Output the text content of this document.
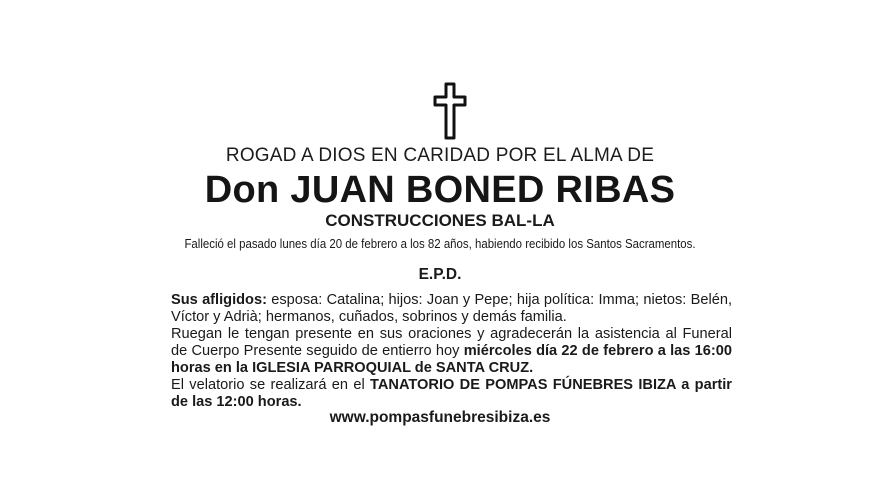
ROGAD A DIOS EN CARIDAD POR EL ALMA DE
Don JUAN BONED RIBAS
CONSTRUCCIONES BAL-LA
Falleció el pasado lunes día 20 de febrero a los 82 años, habiendo recibido los Santos Sacramentos.
E.P.D.

Sus afligidos: esposa: Catalina; hijos: Joan y Pepe; hija política: Imma; nietos: Belén, Víctor y Adrià; hermanos, cuñados, sobrinos y demás familia.

Ruegan le tengan presente en sus oraciones y agradecerán la asistencia al Funeral de Cuerpo Presente seguido de entierro hoy miércoles día 22 de febrero a las 16:00 horas en la IGLESIA PARROQUIAL de SANTA CRUZ.

El velatorio se realizará en el TANATORIO DE POMPAS FÚNEBRES IBIZA a partir de las 12:00 horas.

www.pompasfunebresibiza.es
